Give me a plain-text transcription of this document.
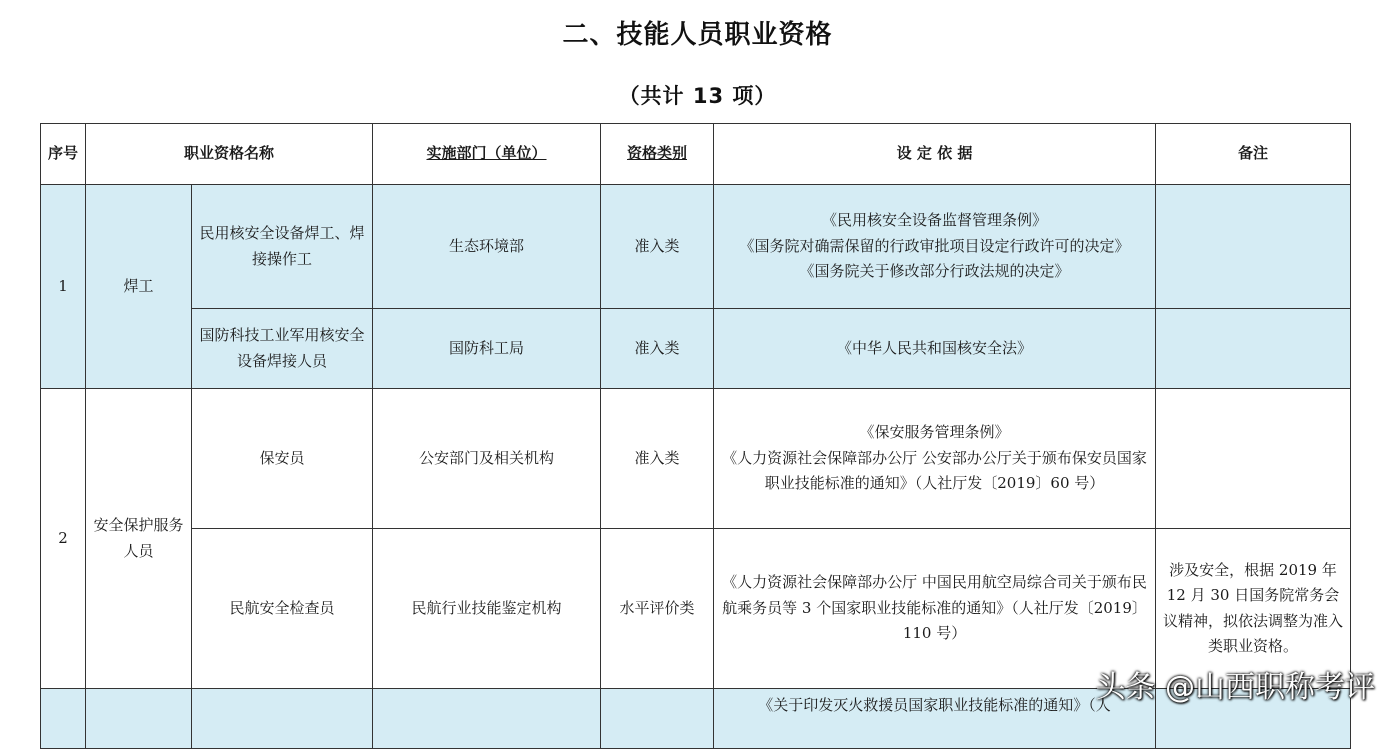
二、技能人员职业资格
（共计 13 项）
序号	职业资格名称		实施部门（单位）	资格类别	设 定 依 据	备注
1	焊工	民用核安全设备焊工、焊接操作工	生态环境部	准入类	《民用核安全设备监督管理条例》
《国务院对确需保留的行政审批项目设定行政许可的决定》
《国务院关于修改部分行政法规的决定》	

		国防科技工业军用核安全设备焊接人员	国防科工局	准入类	《中华人民共和国核安全法》	

2	安全保护服务人员	保安员	公安部门及相关机构	准入类	《保安服务管理条例》
《人力资源社会保障部办公厅 公安部办公厅关于颁布保安员国家职业技能标准的通知》（人社厅发〔2019〕60 号）	

		民航安全检查员	民航行业技能鉴定机构	水平评价类	《人力资源社会保障部办公厅 中国民用航空局综合司关于颁布民航乘务员等 3 个国家职业技能标准的通知》（人社厅发〔2019〕110 号）	涉及安全，根据 2019 年 12 月 30 日国务院常务会议精神，拟依法调整为准入类职业资格。

					《关于印发灭火救援员国家职业技能标准的通知》（人	

头条 @山西职称考评
